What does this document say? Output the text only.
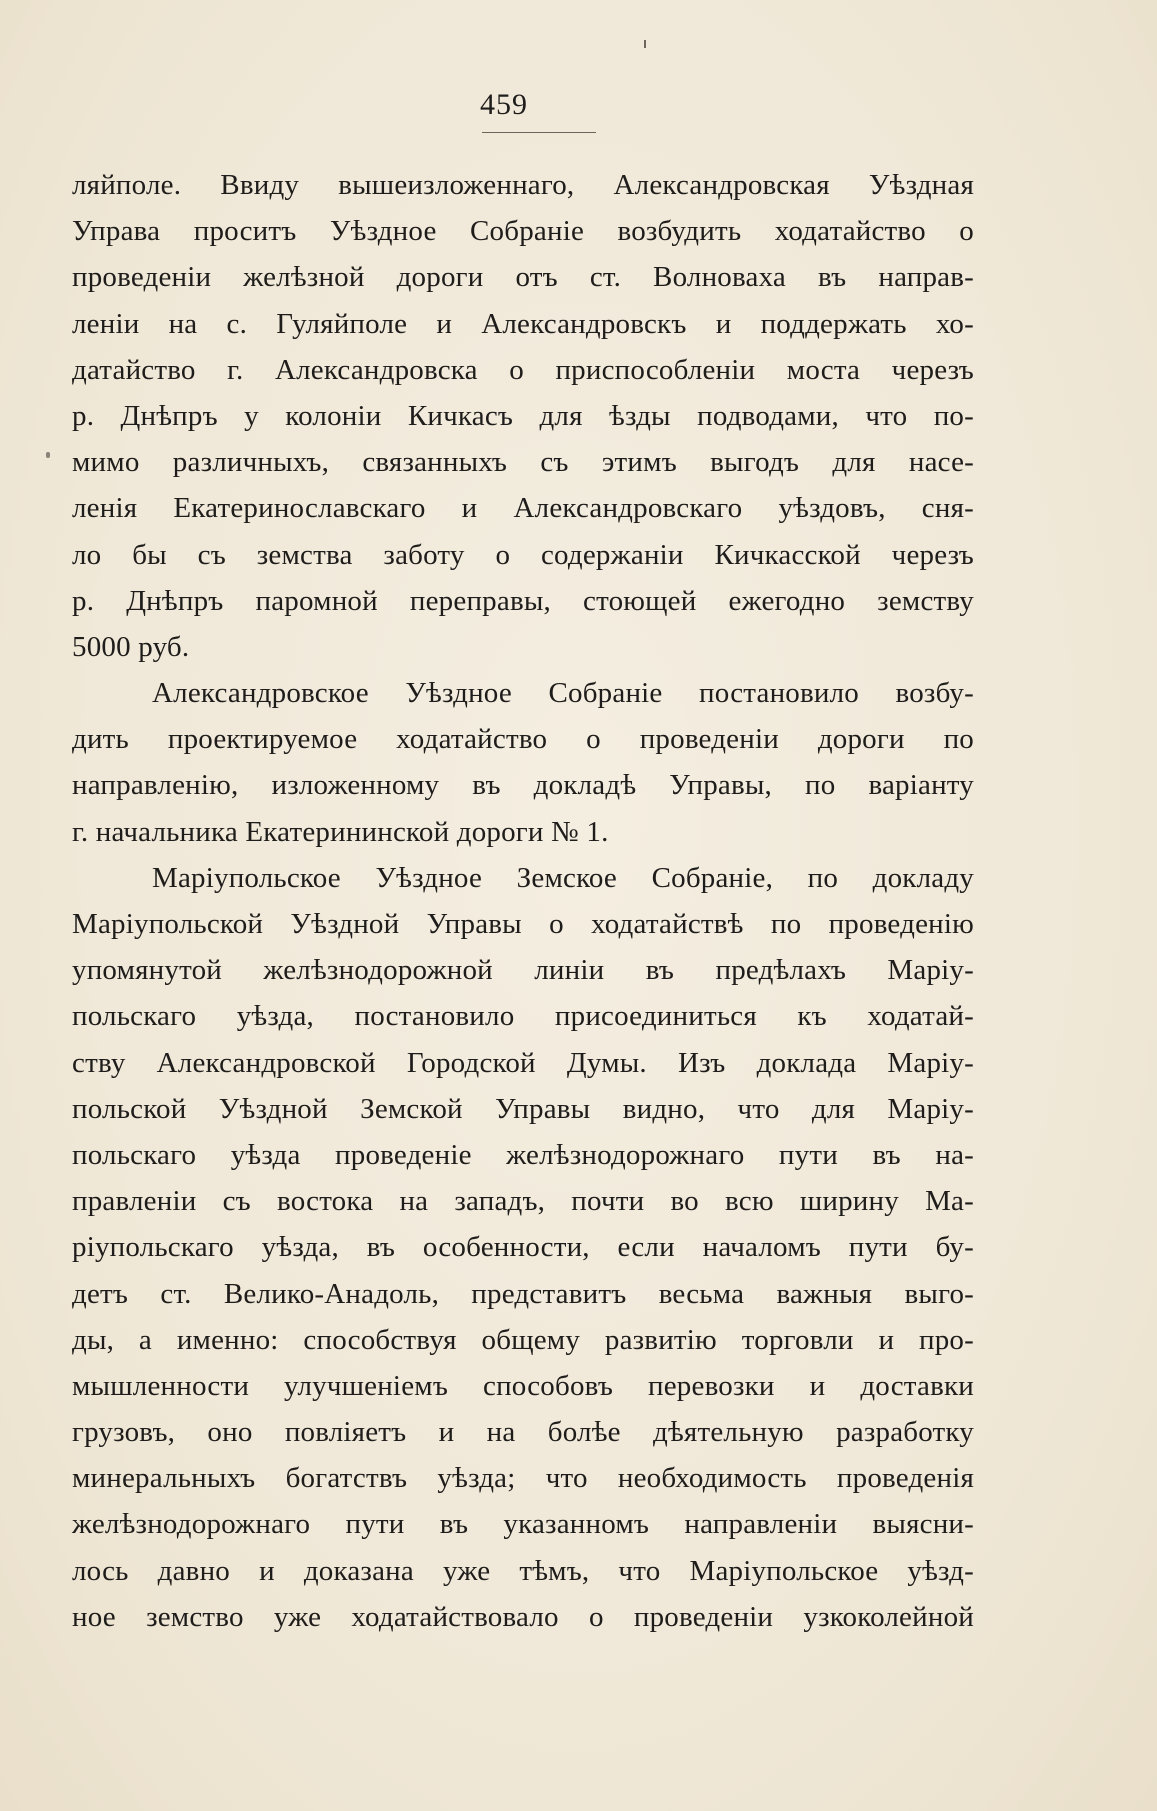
459
ляйполе. Ввиду вышеизложеннаго, Александровская Уѣздная
Управа проситъ Уѣздное Собраніе возбудить ходатайство о
проведеніи желѣзной дороги отъ ст. Волноваха въ направ-
леніи на с. Гуляйполе и Александровскъ и поддержать хо-
датайство г. Александровска о приспособленіи моста черезъ
р. Днѣпръ у колоніи Кичкасъ для ѣзды подводами, что по-
мимо различныхъ, связанныхъ съ этимъ выгодъ для насе-
ленія Екатеринославскаго и Александровскаго уѣздовъ, сня-
ло бы съ земства заботу о содержаніи Кичкасской черезъ
р. Днѣпръ паромной переправы, стоющей ежегодно земству
5000 руб.
Александровское Уѣздное Собраніе постановило возбу-
дить проектируемое ходатайство о проведеніи дороги по
направленію, изложенному въ докладѣ Управы, по варіанту
г. начальника Екатерининской дороги № 1.
Маріупольское Уѣздное Земское Собраніе, по докладу
Маріупольской Уѣздной Управы о ходатайствѣ по проведенію
упомянутой желѣзнодорожной линіи въ предѣлахъ Маріу-
польскаго уѣзда, постановило присоединиться къ ходатай-
ству Александровской Городской Думы. Изъ доклада Маріу-
польской Уѣздной Земской Управы видно, что для Маріу-
польскаго уѣзда проведеніе желѣзнодорожнаго пути въ на-
правленіи съ востока на западъ, почти во всю ширину Ма-
ріупольскаго уѣзда, въ особенности, если началомъ пути бу-
детъ ст. Велико-Анадоль, представитъ весьма важныя выго-
ды, а именно: способствуя общему развитію торговли и про-
мышленности улучшеніемъ способовъ перевозки и доставки
грузовъ, оно повліяетъ и на болѣе дѣятельную разработку
минеральныхъ богатствъ уѣзда; что необходимость проведенія
желѣзнодорожнаго пути въ указанномъ направленіи выясни-
лось давно и доказана уже тѣмъ, что Маріупольское уѣзд-
ное земство уже ходатайствовало о проведеніи узкоколейной
